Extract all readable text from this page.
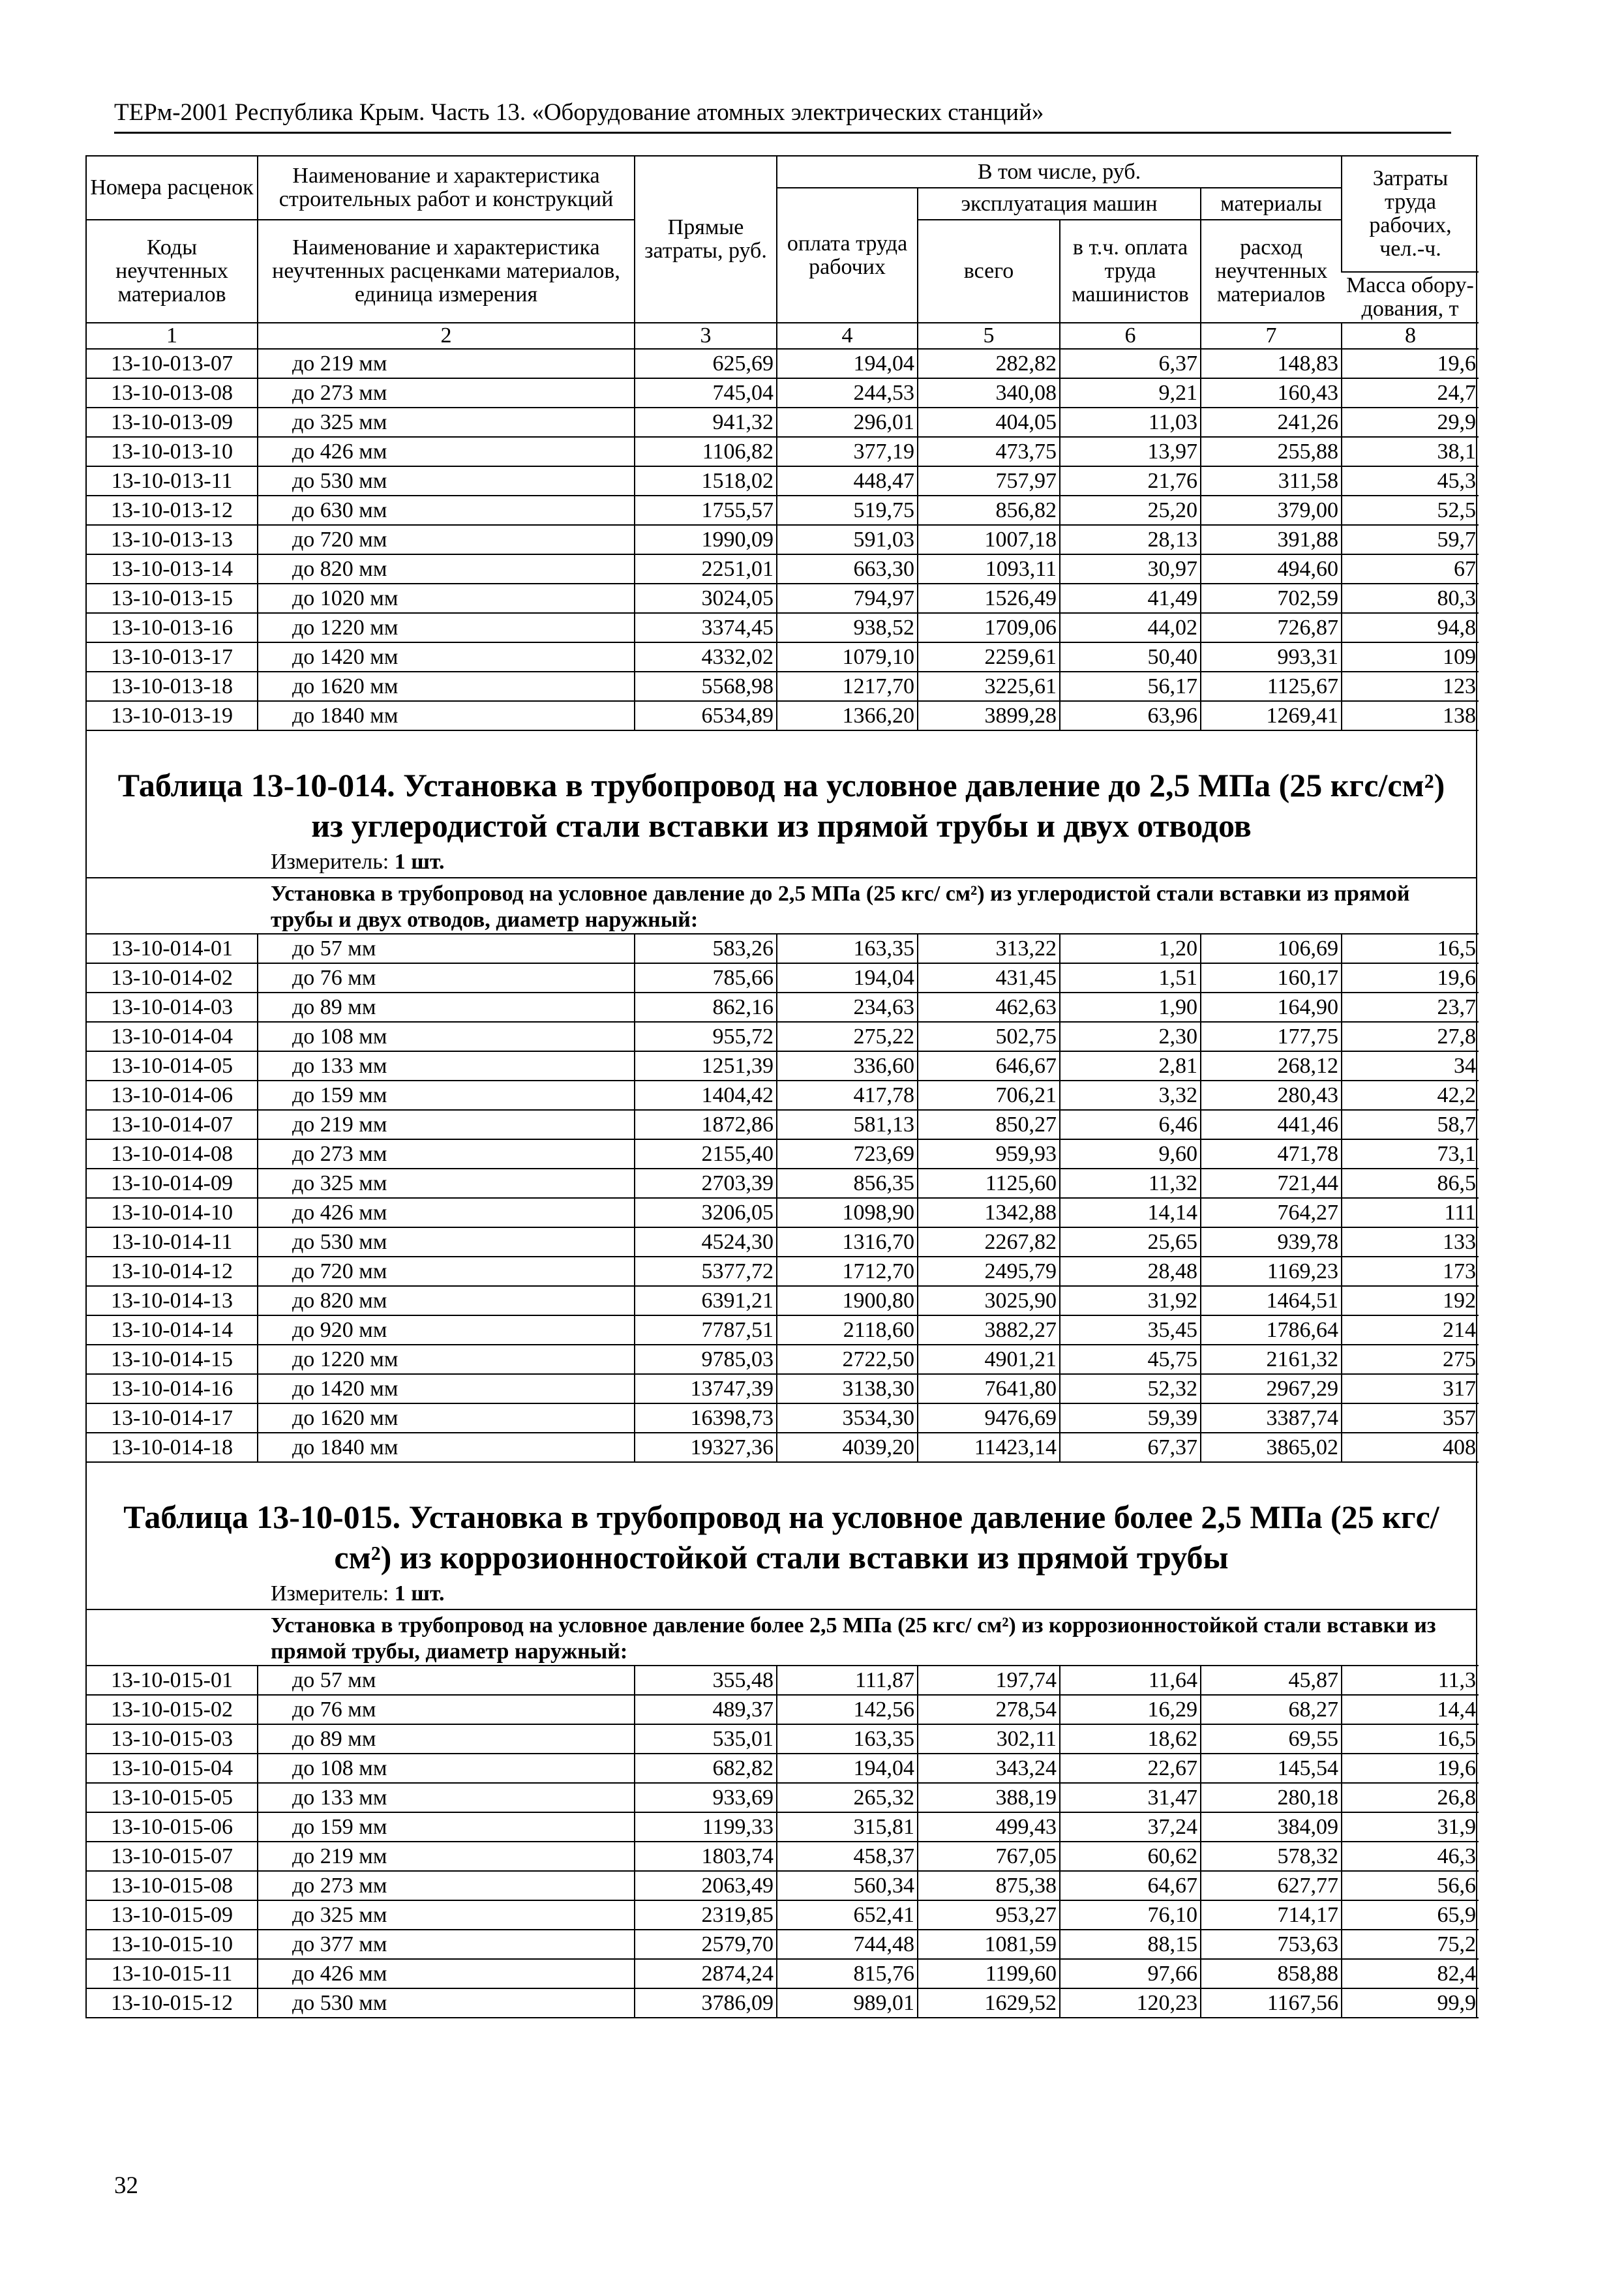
ТЕРм-2001 Республика Крым. Часть 13. «Оборудование атомных электрических станций»
Номера расценок	Наименование и характеристика строительных работ и конструкций	Прямые затраты, руб.	В том числе, руб.				Затраты труда рабочих, чел.-ч.
			оплата труда рабочих	эксплуатация машин		материалы	
Коды неучтенных материалов	Наименование и характеристика неучтенных расценками материалов, единица измерения			всего	в т.ч. оплата труда машинистов	расход неучтенных материалов	

							Масса обору-дования, т
1	2	3	4	5	6	7	8
13-10-013-07	до 219 мм	625,69	194,04	282,82	6,37	148,83	19,6
13-10-013-08	до 273 мм	745,04	244,53	340,08	9,21	160,43	24,7
13-10-013-09	до 325 мм	941,32	296,01	404,05	11,03	241,26	29,9
13-10-013-10	до 426 мм	1106,82	377,19	473,75	13,97	255,88	38,1
13-10-013-11	до 530 мм	1518,02	448,47	757,97	21,76	311,58	45,3
13-10-013-12	до 630 мм	1755,57	519,75	856,82	25,20	379,00	52,5
13-10-013-13	до 720 мм	1990,09	591,03	1007,18	28,13	391,88	59,7
13-10-013-14	до 820 мм	2251,01	663,30	1093,11	30,97	494,60	67
13-10-013-15	до 1020 мм	3024,05	794,97	1526,49	41,49	702,59	80,3
13-10-013-16	до 1220 мм	3374,45	938,52	1709,06	44,02	726,87	94,8
13-10-013-17	до 1420 мм	4332,02	1079,10	2259,61	50,40	993,31	109
13-10-013-18	до 1620 мм	5568,98	1217,70	3225,61	56,17	1125,67	123
13-10-013-19	до 1840 мм	6534,89	1366,20	3899,28	63,96	1269,41	138
Таблица 13-10-014. Установка в трубопровод на условное давление до 2,5 МПа (25 кгс/см²) из углеродистой стали вставки из прямой трубы и двух отводов
Измеритель: 1 шт.
Установка в трубопровод на условное давление до 2,5 МПа (25 кгс/ см²) из углеродистой стали вставки из прямой трубы и двух отводов, диаметр наружный:
13-10-014-01	до 57 мм	583,26	163,35	313,22	1,20	106,69	16,5
13-10-014-02	до 76 мм	785,66	194,04	431,45	1,51	160,17	19,6
13-10-014-03	до 89 мм	862,16	234,63	462,63	1,90	164,90	23,7
13-10-014-04	до 108 мм	955,72	275,22	502,75	2,30	177,75	27,8
13-10-014-05	до 133 мм	1251,39	336,60	646,67	2,81	268,12	34
13-10-014-06	до 159 мм	1404,42	417,78	706,21	3,32	280,43	42,2
13-10-014-07	до 219 мм	1872,86	581,13	850,27	6,46	441,46	58,7
13-10-014-08	до 273 мм	2155,40	723,69	959,93	9,60	471,78	73,1
13-10-014-09	до 325 мм	2703,39	856,35	1125,60	11,32	721,44	86,5
13-10-014-10	до 426 мм	3206,05	1098,90	1342,88	14,14	764,27	111
13-10-014-11	до 530 мм	4524,30	1316,70	2267,82	25,65	939,78	133
13-10-014-12	до 720 мм	5377,72	1712,70	2495,79	28,48	1169,23	173
13-10-014-13	до 820 мм	6391,21	1900,80	3025,90	31,92	1464,51	192
13-10-014-14	до 920 мм	7787,51	2118,60	3882,27	35,45	1786,64	214
13-10-014-15	до 1220 мм	9785,03	2722,50	4901,21	45,75	2161,32	275
13-10-014-16	до 1420 мм	13747,39	3138,30	7641,80	52,32	2967,29	317
13-10-014-17	до 1620 мм	16398,73	3534,30	9476,69	59,39	3387,74	357
13-10-014-18	до 1840 мм	19327,36	4039,20	11423,14	67,37	3865,02	408
Таблица 13-10-015. Установка в трубопровод на условное давление более 2,5 МПа (25 кгс/см²) из коррозионностойкой стали вставки из прямой трубы
Измеритель: 1 шт.
Установка в трубопровод на условное давление более 2,5 МПа (25 кгс/ см²) из коррозионностойкой стали вставки из прямой трубы, диаметр наружный:
13-10-015-01	до 57 мм	355,48	111,87	197,74	11,64	45,87	11,3
13-10-015-02	до 76 мм	489,37	142,56	278,54	16,29	68,27	14,4
13-10-015-03	до 89 мм	535,01	163,35	302,11	18,62	69,55	16,5
13-10-015-04	до 108 мм	682,82	194,04	343,24	22,67	145,54	19,6
13-10-015-05	до 133 мм	933,69	265,32	388,19	31,47	280,18	26,8
13-10-015-06	до 159 мм	1199,33	315,81	499,43	37,24	384,09	31,9
13-10-015-07	до 219 мм	1803,74	458,37	767,05	60,62	578,32	46,3
13-10-015-08	до 273 мм	2063,49	560,34	875,38	64,67	627,77	56,6
13-10-015-09	до 325 мм	2319,85	652,41	953,27	76,10	714,17	65,9
13-10-015-10	до 377 мм	2579,70	744,48	1081,59	88,15	753,63	75,2
13-10-015-11	до 426 мм	2874,24	815,76	1199,60	97,66	858,88	82,4
13-10-015-12	до 530 мм	3786,09	989,01	1629,52	120,23	1167,56	99,9
32
